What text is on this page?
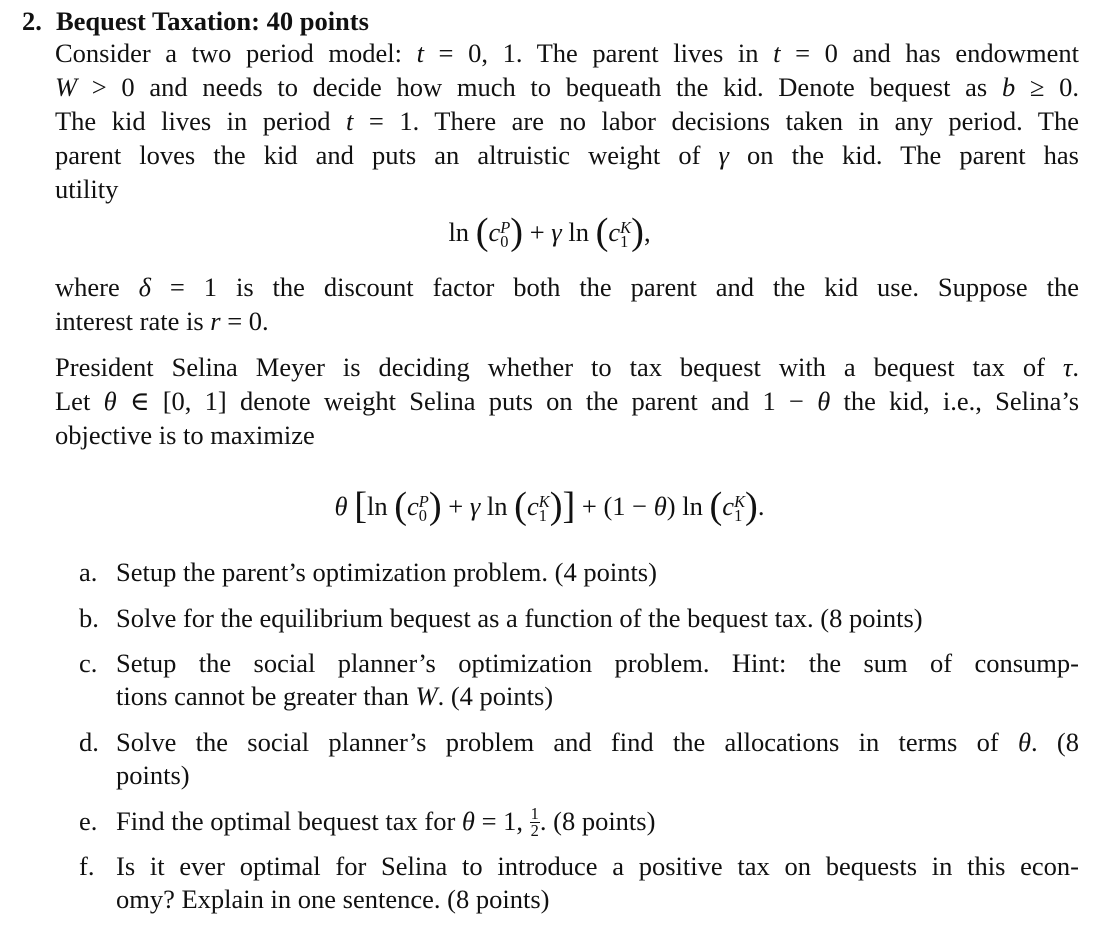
2. Bequest Taxation: 40 points
Consider a two period model: t = 0, 1. The parent lives in t = 0 and has endowment
W > 0 and needs to decide how much to bequeath the kid. Denote bequest as b ≥ 0.
The kid lives in period t = 1. There are no labor decisions taken in any period. The
parent loves the kid and puts an altruistic weight of γ on the kid. The parent has
utility
ln (cP
0 ) + γ ln (cK
1 ),
where δ = 1 is the discount factor both the parent and the kid use. Suppose the
interest rate is r = 0.
President Selina Meyer is deciding whether to tax bequest with a bequest tax of τ.
Let θ ∈ [0, 1] denote weight Selina puts on the parent and 1 − θ the kid, i.e., Selina’s
objective is to maximize
θ [ln (cP
0 ) + γ ln (cK
1 )] + (1 − θ) ln (cK
1 ).
a. Setup the parent’s optimization problem. (4 points)
b. Solve for the equilibrium bequest as a function of the bequest tax. (8 points)
c. Setup the social planner’s optimization problem. Hint: the sum of consump-
tions cannot be greater than W. (4 points)
d. Solve the social planner’s problem and find the allocations in terms of θ. (8
points)
e. Find the optimal bequest tax for θ = 1, $\frac{1}{2}$ . (8 points)
f. Is it ever optimal for Selina to introduce a positive tax on bequests in this econ-
omy? Explain in one sentence. (8 points)
